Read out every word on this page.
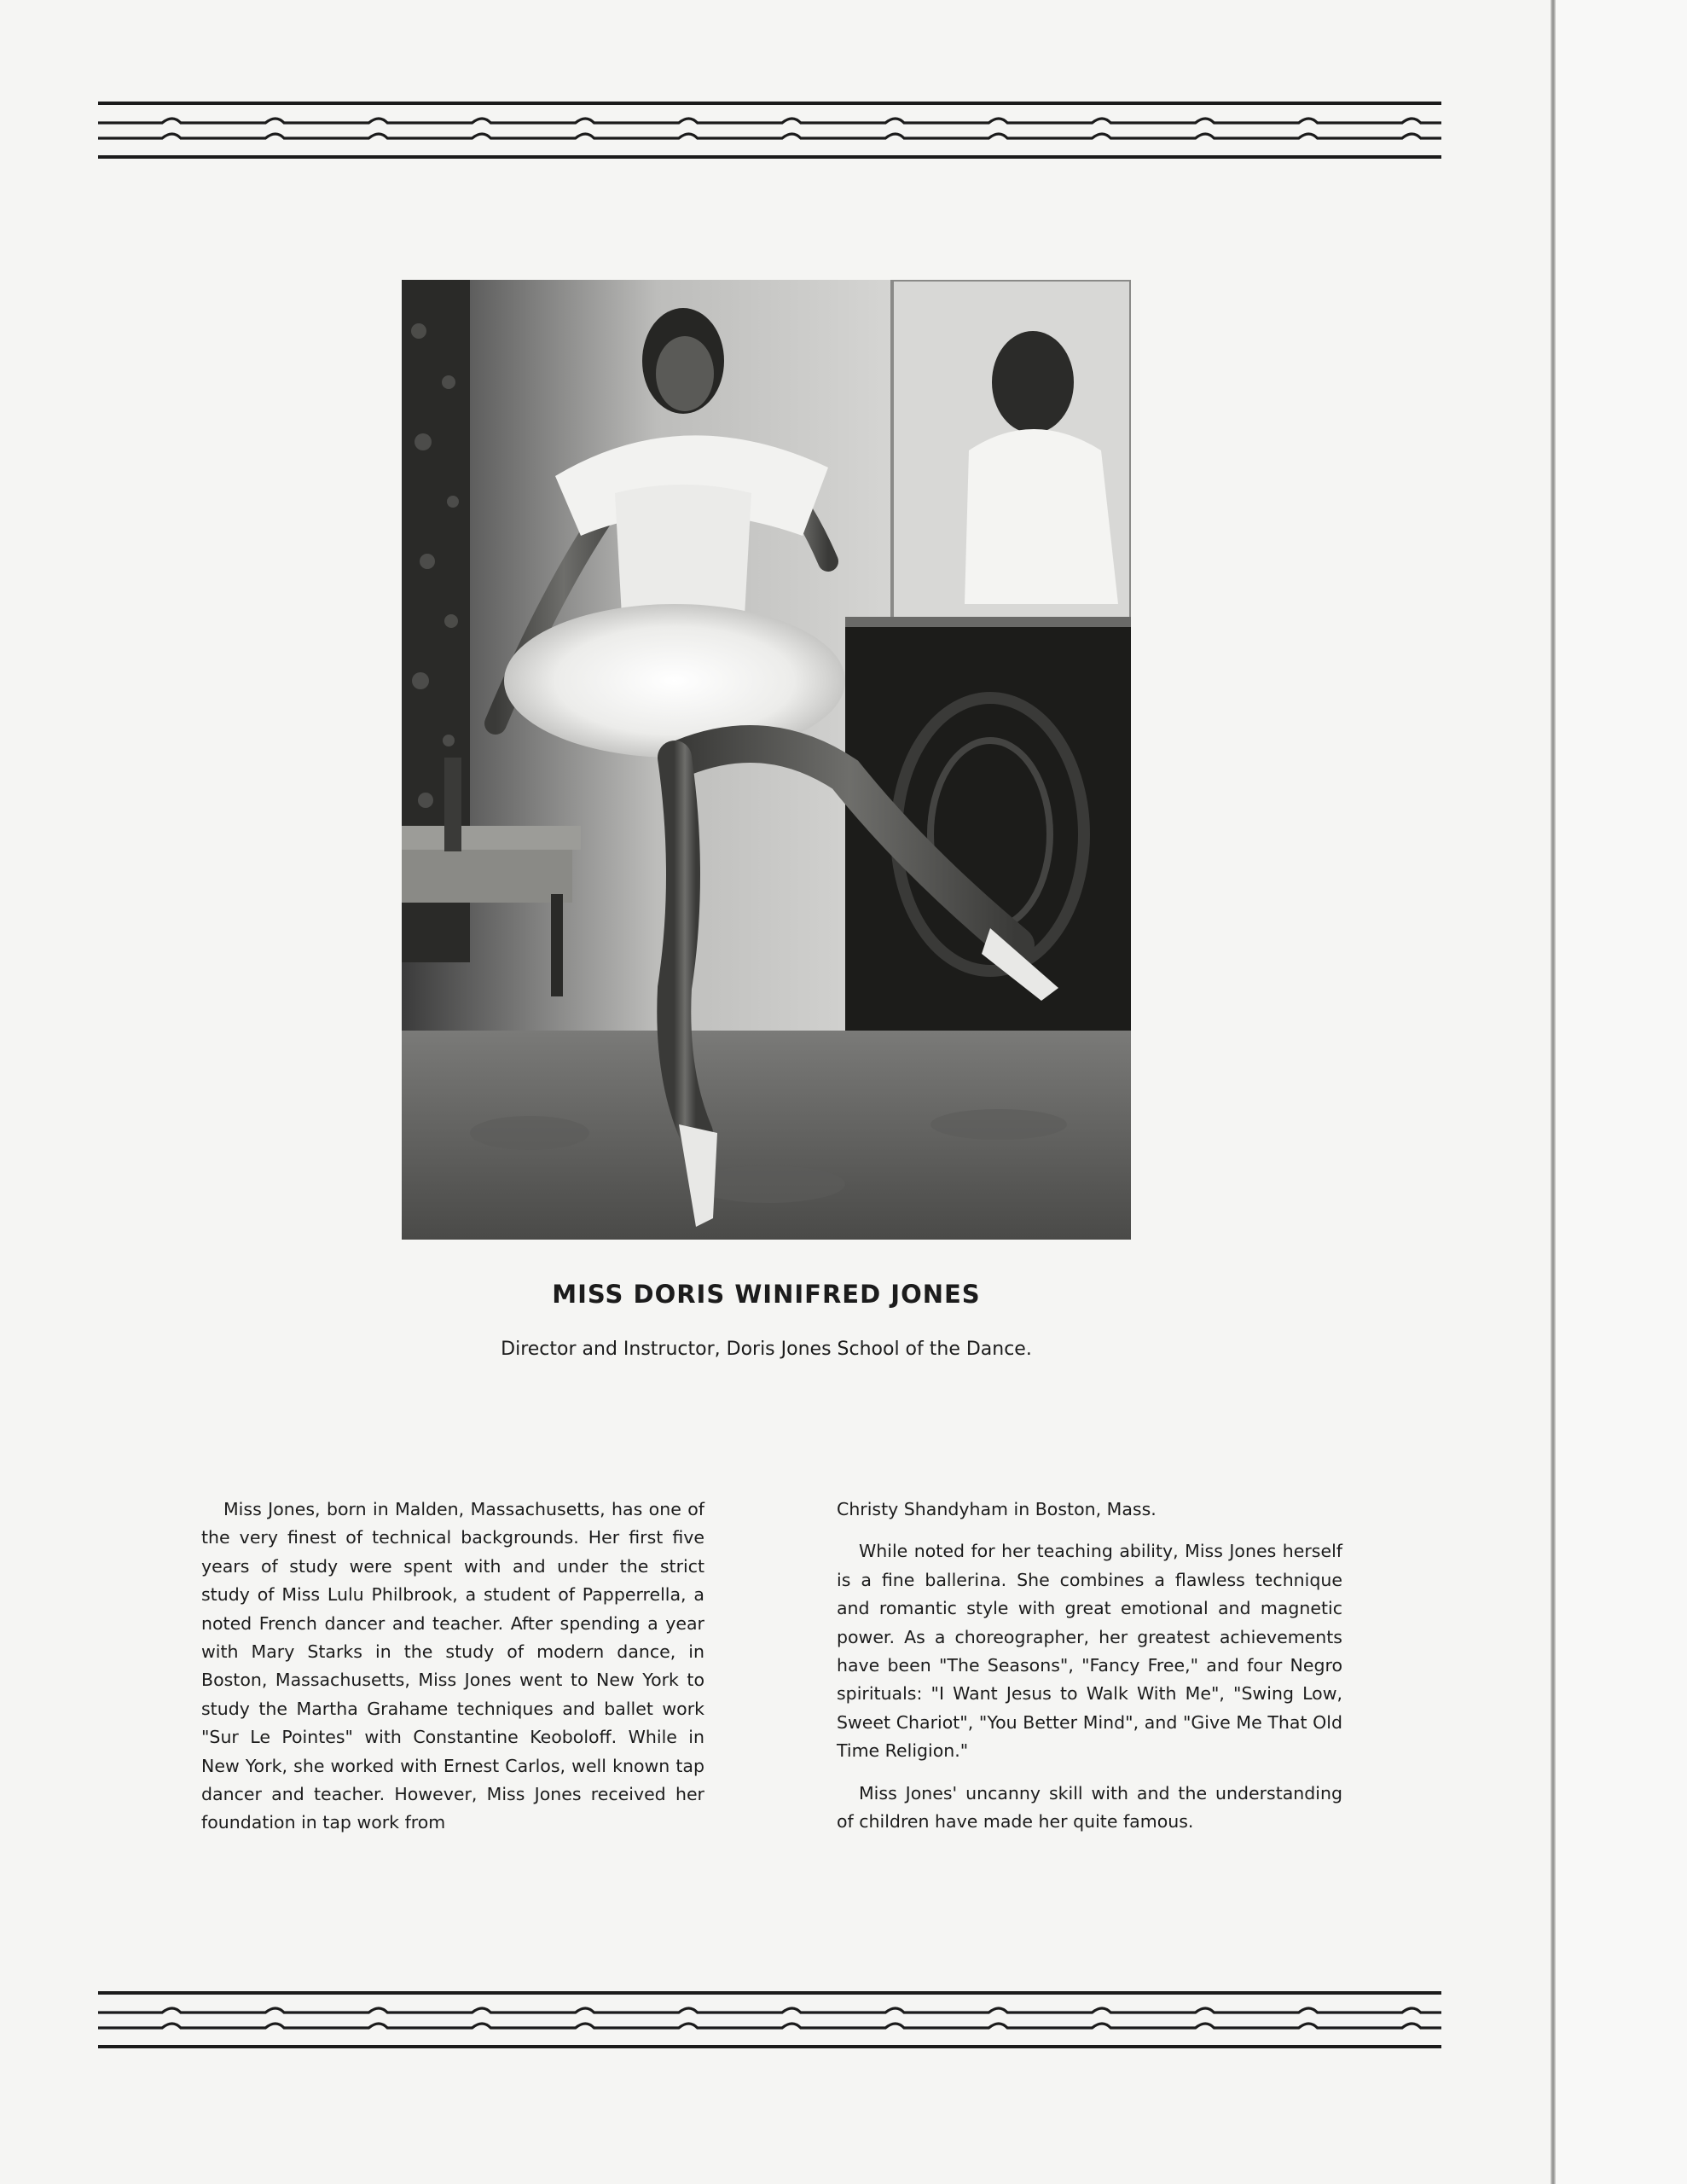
MISS DORIS WINIFRED JONES
Director and Instructor, Doris Jones School of the Dance.

Miss Jones, born in Malden, Massachusetts, has one of the very finest of technical backgrounds. Her first five years of study were spent with and under the strict study of Miss Lulu Philbrook, a student of Papperrella, a noted French dancer and teacher. After spending a year with Mary Starks in the study of modern dance, in Boston, Massachusetts, Miss Jones went to New York to study the Martha Grahame techniques and ballet work "Sur Le Pointes" with Constantine Keoboloff. While in New York, she worked with Ernest Carlos, well known tap dancer and teacher. However, Miss Jones received her foundation in tap work from

Christy Shandyham in Boston, Mass.

While noted for her teaching ability, Miss Jones herself is a fine ballerina. She combines a flawless technique and romantic style with great emotional and magnetic power. As a choreographer, her greatest achievements have been "The Seasons", "Fancy Free," and four Negro spirituals: "I Want Jesus to Walk With Me", "Swing Low, Sweet Chariot", "You Better Mind", and "Give Me That Old Time Religion."

Miss Jones' uncanny skill with and the understanding of children have made her quite famous.
